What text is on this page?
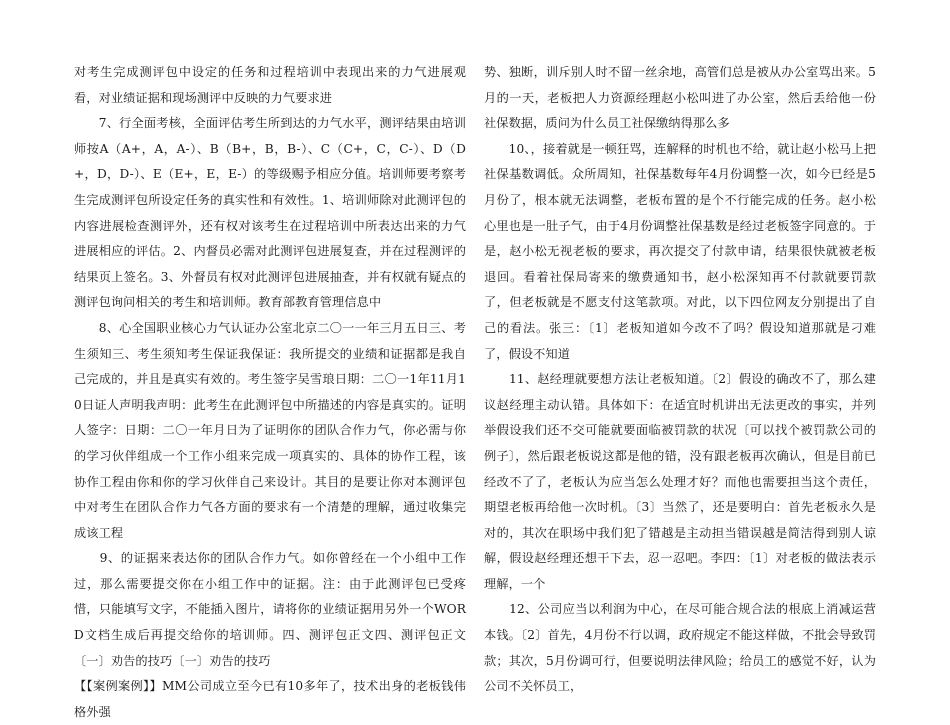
对考生完成测评包中设定的任务和过程培训中表现出来的力气进展观看，对业绩证据和现场测评中反映的力气要求进

　　7、行全面考核，全面评估考生所到达的力气水平，测评结果由培训师按A（A+，A，A-）、B（B+，B，B-）、C（C+，C，C-）、D（D+，D，D-）、E（E+，E，E-）的等级赐予相应分值。培训师要考察考生完成测评包所设定任务的真实性和有效性。1、培训师除对此测评包的内容进展检查测评外，还有权对该考生在过程培训中所表达出来的力气进展相应的评估。2、内督员必需对此测评包进展复查，并在过程测评的结果页上签名。3、外督员有权对此测评包进展抽查，并有权就有疑点的测评包询问相关的考生和培训师。教育部教育管理信息中

　　8、心全国职业核心力气认证办公室北京二〇一一年三月五日三、考生须知三、考生须知考生保证我保证：我所提交的业绩和证据都是我自己完成的，并且是真实有效的。考生签字吴雪琅日期：二〇一1年11月10日证人声明我声明：此考生在此测评包中所描述的内容是真实的。证明人签字：日期：二〇一年月日为了证明你的团队合作力气，你必需与你的学习伙伴组成一个工作小组来完成一项真实的、具体的协作工程，该协作工程由你和你的学习伙伴自己来设计。其目的是要让你对本测评包中对考生在团队合作力气各方面的要求有一个清楚的理解，通过收集完成该工程

　　9、的证据来表达你的团队合作力气。如你曾经在一个小组中工作过，那么需要提交你在小组工作中的证据。注：由于此测评包已受疼惜，只能填写文字，不能插入图片，请将你的业绩证据用另外一个WORD文档生成后再提交给你的培训师。四、测评包正文四、测评包正文〔一〕劝告的技巧〔一〕劝告的技巧

【【案例案例】】MM公司成立至今已有10多年了，技术出身的老板钱伟格外强

势、独断，训斥别人时不留一丝余地，高管们总是被从办公室骂出来。5月的一天，老板把人力资源经理赵小松叫进了办公室，然后丢给他一份社保数据，质问为什么员工社保缴纳得那么多

　　10、，接着就是一顿狂骂，连解释的时机也不给，就让赵小松马上把社保基数调低。众所周知，社保基数每年4月份调整一次，如今已经是5月份了，根本就无法调整，老板布置的是个不行能完成的任务。赵小松心里也是一肚子气，由于4月份调整社保基数是经过老板签字同意的。于是，赵小松无视老板的要求，再次提交了付款申请，结果很快就被老板退回。看着社保局寄来的缴费通知书，赵小松深知再不付款就要罚款了，但老板就是不愿支付这笔款项。对此，以下四位网友分别提出了自己的看法。张三：〔1〕老板知道如今改不了吗？假设知道那就是刁难了，假设不知道

　　11、赵经理就要想方法让老板知道。〔2〕假设的确改不了，那么建议赵经理主动认错。具体如下：在适宜时机讲出无法更改的事实，并列举假设我们还不交可能就要面临被罚款的状况〔可以找个被罚款公司的例子〕，然后跟老板说这都是他的错，没有跟老板再次确认，但是目前已经改不了了，老板认为应当怎么处理才好？而他也需要担当这个责任，期望老板再给他一次时机。〔3〕当然了，还是要明白：首先老板永久是对的，其次在职场中我们犯了错越是主动担当错误越是简洁得到别人谅解，假设赵经理还想干下去，忍一忍吧。李四：〔1〕对老板的做法表示理解，一个

　　12、公司应当以利润为中心，在尽可能合规合法的根底上消减运营本钱。〔2〕首先，4月份不行以调，政府规定不能这样做，不批会导致罚款；其次，5月份调可行，但要说明法律风险；给员工的感觉不好，认为公司不关怀员工，
